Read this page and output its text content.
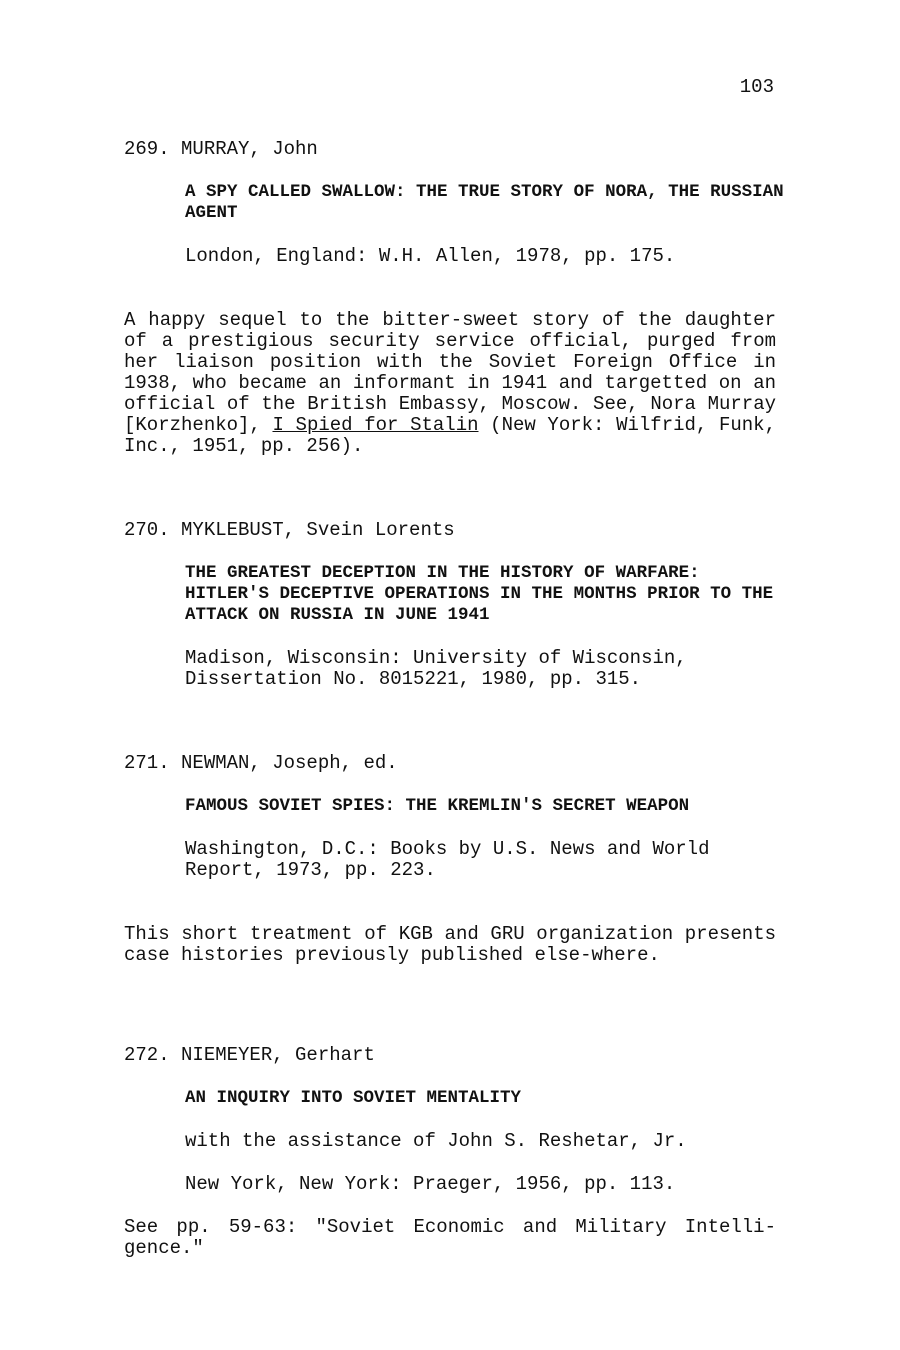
103
269. MURRAY, John
A SPY CALLED SWALLOW: THE TRUE STORY OF NORA, THE RUSSIAN AGENT
London, England: W.H. Allen, 1978, pp. 175.
A happy sequel to the bitter-sweet story of the daughter of a prestigious security service official, purged from her liaison position with the Soviet Foreign Office in 1938, who became an informant in 1941 and targetted on an official of the British Embassy, Moscow. See, Nora Murray [Korzhenko], I Spied for Stalin (New York: Wilfrid, Funk, Inc., 1951, pp. 256).
270. MYKLEBUST, Svein Lorents
THE GREATEST DECEPTION IN THE HISTORY OF WARFARE: HITLER'S DECEPTIVE OPERATIONS IN THE MONTHS PRIOR TO THE ATTACK ON RUSSIA IN JUNE 1941
Madison, Wisconsin: University of Wisconsin, Dissertation No. 8015221, 1980, pp. 315.
271. NEWMAN, Joseph, ed.
FAMOUS SOVIET SPIES: THE KREMLIN'S SECRET WEAPON
Washington, D.C.: Books by U.S. News and World Report, 1973, pp. 223.
This short treatment of KGB and GRU organization presents case histories previously published else-where.
272. NIEMEYER, Gerhart
AN INQUIRY INTO SOVIET MENTALITY
with the assistance of John S. Reshetar, Jr.
New York, New York: Praeger, 1956, pp. 113.
See pp. 59-63: "Soviet Economic and Military Intelli-gence."
